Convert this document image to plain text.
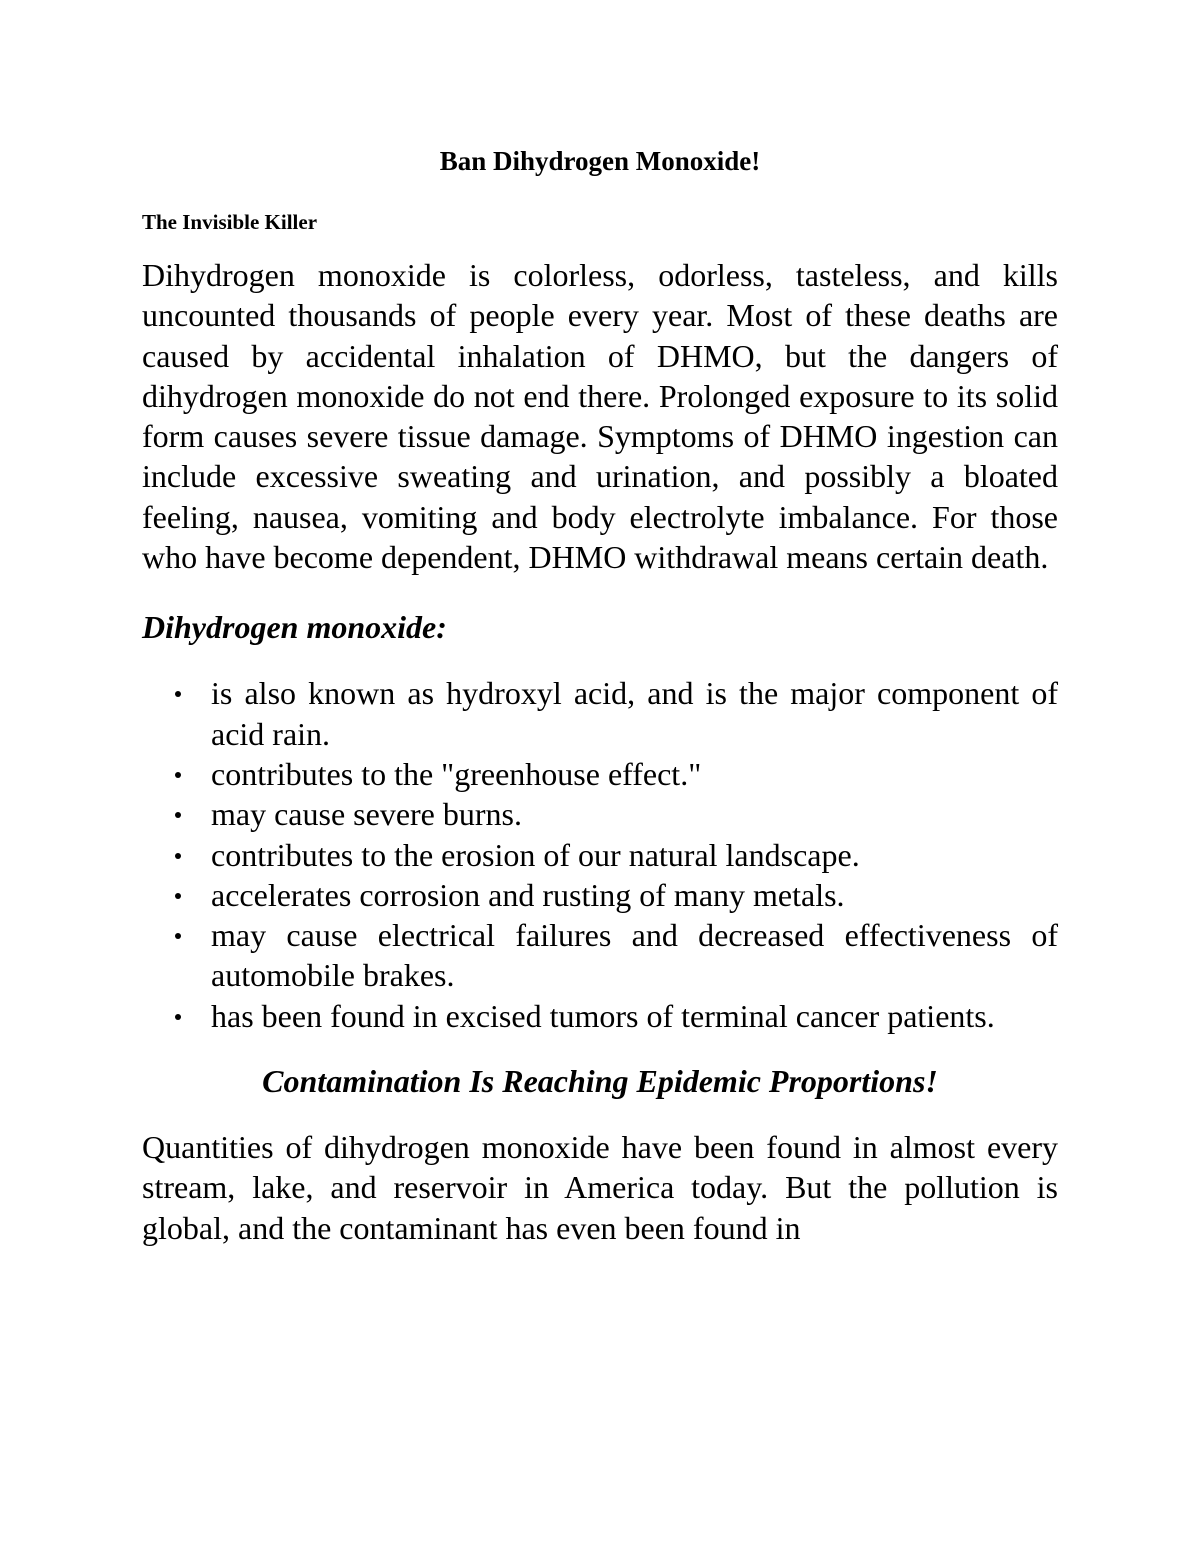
Ban Dihydrogen Monoxide!

The Invisible Killer

Dihydrogen monoxide is colorless, odorless, tasteless, and kills uncounted thousands of people every year. Most of these deaths are caused by accidental inhalation of DHMO, but the dangers of dihydrogen monoxide do not end there. Prolonged exposure to its solid form causes severe tissue damage. Symptoms of DHMO ingestion can include excessive sweating and urination, and possibly a bloated feeling, nausea, vomiting and body electrolyte imbalance. For those who have become dependent, DHMO withdrawal means certain death.

Dihydrogen monoxide:

is also known as hydroxyl acid, and is the major component of acid rain.
contributes to the "greenhouse effect."
may cause severe burns.
contributes to the erosion of our natural landscape.
accelerates corrosion and rusting of many metals.
may cause electrical failures and decreased effectiveness of automobile brakes.
has been found in excised tumors of terminal cancer patients.

Contamination Is Reaching Epidemic Proportions!

Quantities of dihydrogen monoxide have been found in almost every stream, lake, and reservoir in America today. But the pollution is global, and the contaminant has even been found in
